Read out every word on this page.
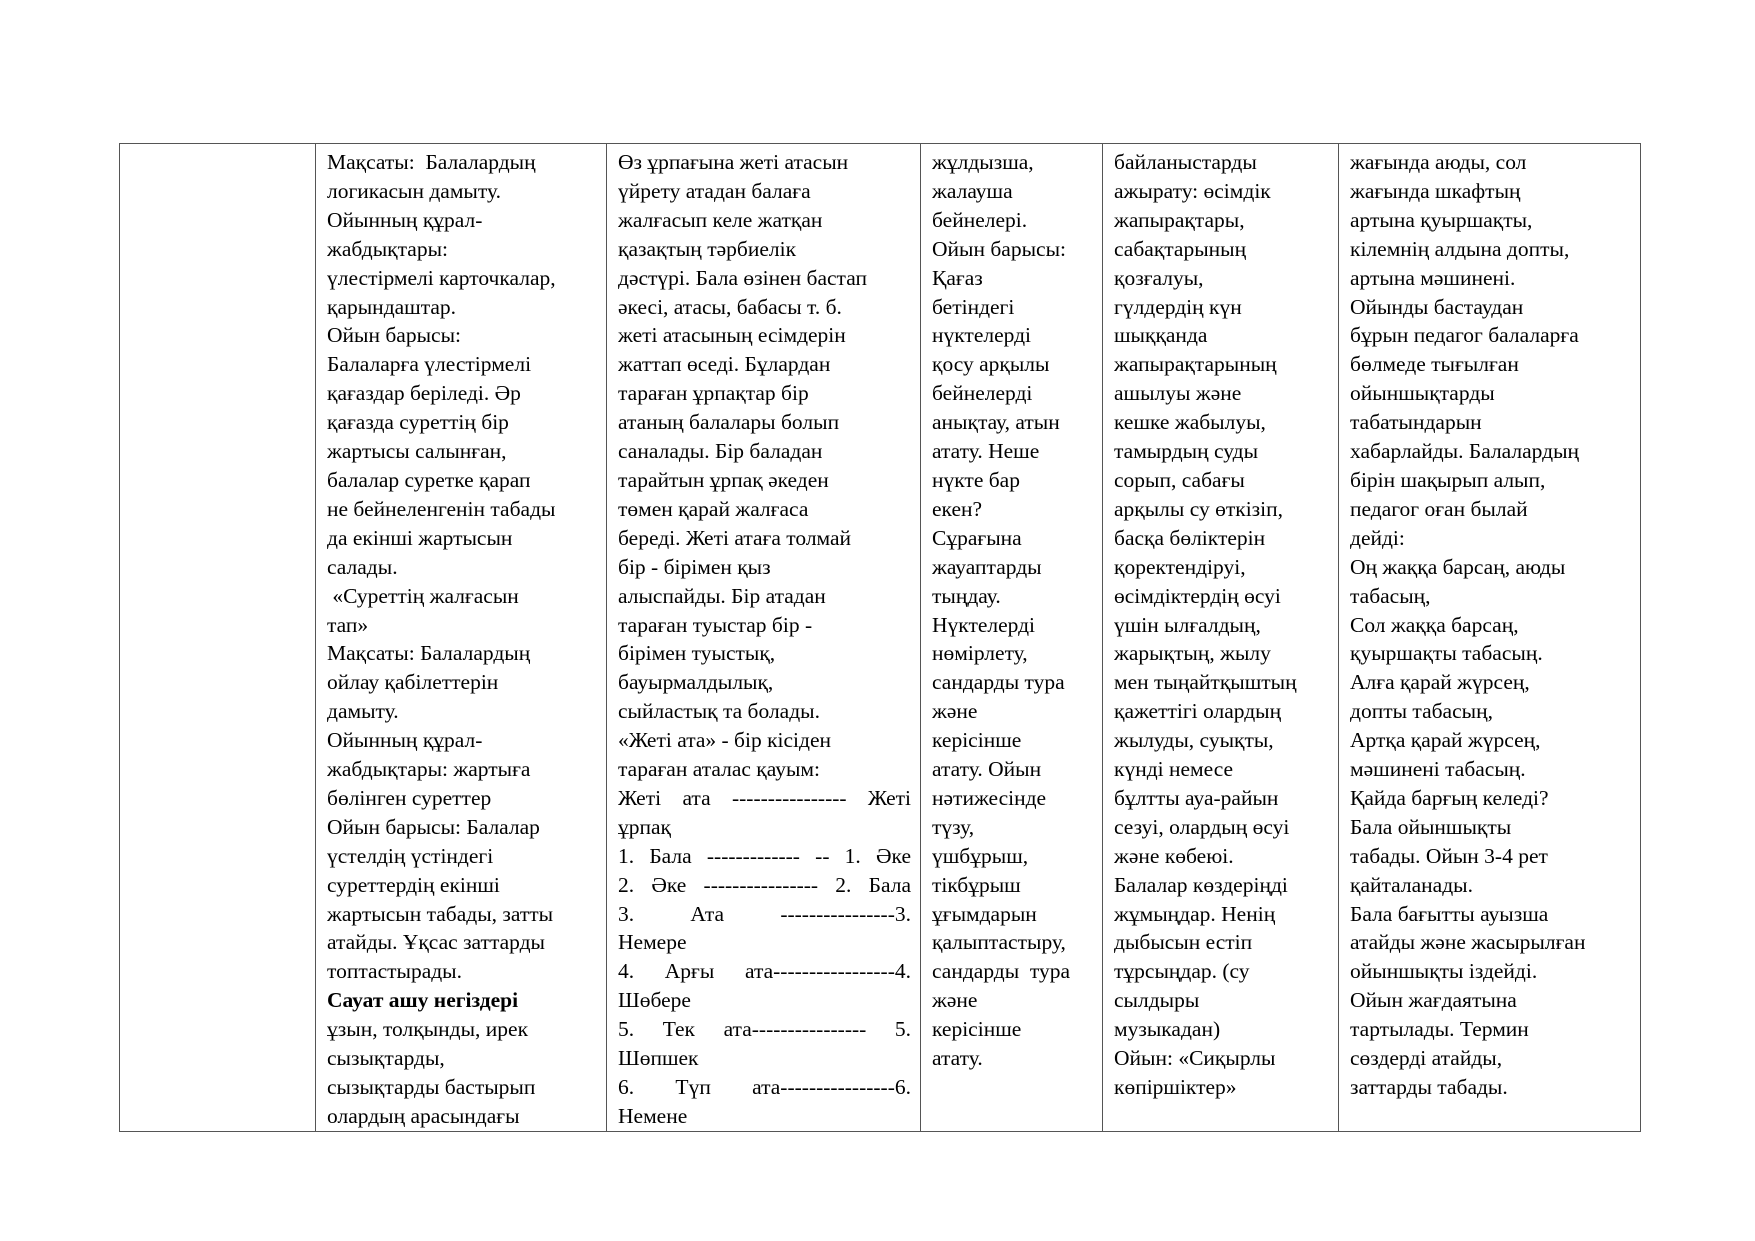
Мақсаты:  Балалардың
логикасын дамыту.
Ойынның құрал-
жабдықтары:
үлестірмелі карточкалар,
қарындаштар.
Ойын барысы:
Балаларға үлестірмелі
қағаздар беріледі. Әр
қағазда суреттің бір
жартысы салынған,
балалар суретке қарап
не бейнеленгенін табады
да екінші жартысын
салады.
«Суреттің жалғасын
тап»
Мақсаты: Балалардың
ойлау қабілеттерін
дамыту.
Ойынның құрал-
жабдықтары: жартыға
бөлінген суреттер
Ойын барысы: Балалар
үстелдің үстіндегі
суреттердің екінші
жартысын табады, затты
атайды. Ұқсас заттарды
топтастырады.
Сауат ашу негіздері
ұзын, толқынды, ирек
сызықтарды,
сызықтарды бастырып
олардың арасындағы

Өз ұрпағына жеті атасын
үйрету атадан балаға
жалғасып келе жатқан
қазақтың тәрбиелік
дәстүрі. Бала өзінен бастап
әкесі, атасы, бабасы т. б.
жеті атасының есімдерін
жаттап өседі. Бұлардан
тараған ұрпақтар бір
атаның балалары болып
саналады. Бір баладан
тарайтын ұрпақ әкеден
төмен қарай жалғаса
береді. Жеті атаға толмай
бір - бірімен қыз
алыспайды. Бір атадан
тараған туыстар бір -
бірімен туыстық,
бауырмалдылық,
сыйластық та болады.
«Жеті ата» - бір кісіден
тараған аталас қауым:
Жеті ата ---------------- Жеті
ұрпақ
1. Бала ------------- -- 1. Әке
2. Әке ---------------- 2. Бала
3. Ата ----------------3.
Немере
4. Арғы ата-----------------4.
Шөбере
5. Тек ата---------------- 5.
Шөпшек
6. Түп ата----------------6.
Немене

жұлдызша,
жалауша
бейнелері.
Ойын барысы:
Қағаз
бетіндегі
нүктелерді
қосу арқылы
бейнелерді
анықтау, атын
атату. Неше
нүкте бар
екен?
Сұрағына
жауаптарды
тыңдау.
Нүктелерді
нөмірлету,
сандарды тура
және
керісінше
атату. Ойын
нәтижесінде
түзу,
үшбұрыш,
тікбұрыш
ұғымдарын
қалыптастыру,
сандарды  тура
және
керісінше
атату.

байланыстарды
ажырату: өсімдік
жапырақтары,
сабақтарының
қозғалуы,
гүлдердің күн
шыққанда
жапырақтарының
ашылуы және
кешке жабылуы,
тамырдың суды
сорып, сабағы
арқылы су өткізіп,
басқа бөліктерін
қоректендіруі,
өсімдіктердің өсуі
үшін ылғалдың,
жарықтың, жылу
мен тыңайтқыштың
қажеттігі олардың
жылуды, суықты,
күнді немесе
бұлтты ауа-райын
сезуі, олардың өсуі
және көбеюі.
Балалар көздеріңді
жұмыңдар. Ненің
дыбысын естіп
тұрсыңдар. (су
сылдыры
музыкадан)
Ойын: «Сиқырлы
көпіршіктер»

жағында аюды, сол
жағында шкафтың
артына қуыршақты,
кілемнің алдына допты,
артына мәшинені.
Ойынды бастаудан
бұрын педагог балаларға
бөлмеде тығылған
ойыншықтарды
табатындарын
хабарлайды. Балалардың
бірін шақырып алып,
педагог оған былай
дейді:
Оң жаққа барсаң, аюды
табасың,
Сол жаққа барсаң,
қуыршақты табасың.
Алға қарай жүрсең,
допты табасың,
Артқа қарай жүрсең,
мәшинені табасың.
Қайда барғың келеді?
Бала ойыншықты
табады. Ойын 3-4 рет
қайталанады.
Бала бағытты ауызша
атайды және жасырылған
ойыншықты іздейді.
Ойын жағдаятына
тартылады. Термин
сөздерді атайды,
заттарды табады.
